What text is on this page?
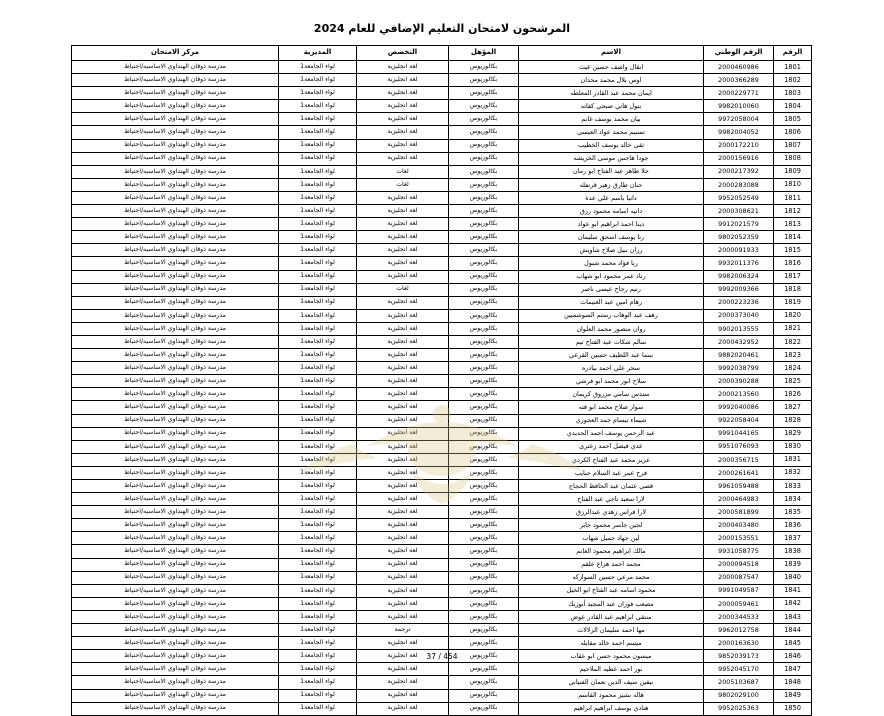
المرشحون لامتحان التعليم الإضافي للعام 2024
الرقم	الرقم الوطني	الاسم	المؤهل	التخصص	المديرية	مركز الامتحان
1801	2000460986	انقال واصف حسين غيث	بكالوريوس	لغة انجليزية	لواء الجامعة1	مدرسة ذوقان الهنداوي الاساسيه/احتياط
1802	2000366289	اوس بلال محمد محدان	بكالوريوس	لغة انجليزية	لواء الجامعة1	مدرسة ذوقان الهنداوي الاساسيه/احتياط
1803	2000229771	ايمان محمد عبد القادر المعلطه	بكالوريوس	لغة انجليزية	لواء الجامعة1	مدرسة ذوقان الهنداوي الاساسيه/احتياط
1804	9982010060	بتول هاني صبحي كفاته	بكالوريوس	لغة انجليزية	لواء الجامعة1	مدرسة ذوقان الهنداوي الاساسيه/احتياط
1805	9972058004	بيان محمد يوسف غانم	بكالوريوس	لغة انجليزية	لواء الجامعة1	مدرسة ذوقان الهنداوي الاساسيه/احتياط
1806	9982004052	تسنيم محمد عواد العيسى	بكالوريوس	لغة انجليزية	لواء الجامعة1	مدرسة ذوقان الهنداوي الاساسيه/احتياط
1807	2000172210	ثقى خالد يوسف الخطيب	بكالوريوس	لغة انجليزية	لواء الجامعة1	مدرسة ذوقان الهنداوي الاساسيه/احتياط
1808	2000156916	جودا هاجس موسى الخريشه	بكالوريوس	لغة انجليزية	لواء الجامعة1	مدرسة ذوقان الهنداوي الاساسيه/احتياط
1809	2000217392	حلا طاهر عبد الفتاح ابو رمان	بكالوريوس	لغات	لواء الجامعة1	مدرسة ذوقان الهنداوي الاساسيه/احتياط
1810	2000283088	حنان طارق زهير قرنفله	بكالوريوس	لغات	لواء الجامعة1	مدرسة ذوقان الهنداوي الاساسيه/احتياط
1811	9952052549	دانيا باسم علي عدة	بكالوريوس	لغة انجليزية	لواء الجامعة1	مدرسة ذوقان الهنداوي الاساسيه/احتياط
1812	2000308621	دانيه اسامه محمود رزق	بكالوريوس	لغة انجليزية	لواء الجامعة1	مدرسة ذوقان الهنداوي الاساسيه/احتياط
1813	9912021579	دينا احمد ابراهيم ابو عواد	بكالوريوس	لغة انجليزية	لواء الجامعة1	مدرسة ذوقان الهنداوي الاساسيه/احتياط
1814	9802052359	رنا يوسف اسحق سليمان	بكالوريوس	لغة انجليزية	لواء الجامعة1	مدرسة ذوقان الهنداوي الاساسيه/احتياط
1815	2000091933	رزان نبيل صلاح شاويش	بكالوريوس	لغة انجليزية	لواء الجامعة1	مدرسة ذوقان الهنداوي الاساسيه/احتياط
1816	9932011376	رنا فؤاد محمد شبول	بكالوريوس	لغة انجليزية	لواء الجامعة1	مدرسة ذوقان الهنداوي الاساسيه/احتياط
1817	9982006324	رناد عمر محمود ابو شهاب	بكالوريوس	لغة انجليزية	لواء الجامعة1	مدرسة ذوقان الهنداوي الاساسيه/احتياط
1818	9992009366	رنيم رجاح عيسى ناصر	بكالوريوس	لغات	لواء الجامعة1	مدرسة ذوقان الهنداوي الاساسيه/احتياط
1819	2000223236	رهام امين عبد الغنيمات	بكالوريوس	لغة انجليزية	لواء الجامعة1	مدرسة ذوقان الهنداوي الاساسيه/احتياط
1820	2000373040	رهف عبد الوهاب رستم السوشميين	بكالوريوس	لغة انجليزية	لواء الجامعة1	مدرسة ذوقان الهنداوي الاساسيه/احتياط
1821	9902013555	روان منصور محمد العلوان	بكالوريوس	لغة انجليزية	لواء الجامعة1	مدرسة ذوقان الهنداوي الاساسيه/احتياط
1822	2000432952	سالم شكات عبد الفتاح تيم	بكالوريوس	لغة انجليزية	لواء الجامعة1	مدرسة ذوقان الهنداوي الاساسيه/احتياط
1823	9882020461	سما عبد اللطيف حسين القرعي	بكالوريوس	لغة انجليزية	لواء الجامعة1	مدرسة ذوقان الهنداوي الاساسيه/احتياط
1824	9992038799	سحر علي احمد بيادره	بكالوريوس	لغة انجليزية	لواء الجامعة1	مدرسة ذوقان الهنداوي الاساسيه/احتياط
1825	2000390288	سلاح انور محمد ابو فرشي	بكالوريوس	لغة انجليزية	لواء الجامعة1	مدرسة ذوقان الهنداوي الاساسيه/احتياط
1826	2000213560	سندس سامي مزروق كريمان	بكالوريوس	لغة انجليزية	لواء الجامعة1	مدرسة ذوقان الهنداوي الاساسيه/احتياط
1827	9992040086	سوار صلاح محمد ابو قته	بكالوريوس	لغة انجليزية	لواء الجامعة1	مدرسة ذوقان الهنداوي الاساسيه/احتياط
1828	9922058404	شيماء نيسام حمد العجوري	بكالوريوس	لغة انجليزية	لواء الجامعة1	مدرسة ذوقان الهنداوي الاساسيه/احتياط
1829	9991044165	عبد الرحمن يوسف احمد الحديدي	بكالوريوس	لغة انجليزية	لواء الجامعة1	مدرسة ذوقان الهنداوي الاساسيه/احتياط
1830	9951076093	عدي فيصل احمد زعترى	بكالوريوس	لغة انجليزية	لواء الجامعة1	مدرسة ذوقان الهنداوي الاساسيه/احتياط
1831	2000356715	عزيز محمد عبد الفتاح الكردي	بكالوريوس	لغة انجليزية	لواء الجامعة1	مدرسة ذوقان الهنداوي الاساسيه/احتياط
1832	2000261641	فرح عمر عبد السلام حبايب	بكالوريوس	لغة انجليزية	لواء الجامعة1	مدرسة ذوقان الهنداوي الاساسيه/احتياط
1833	9961059488	قصي عثمان عبد الحافظ الحجاج	بكالوريوس	لغة انجليزية	لواء الجامعة1	مدرسة ذوقان الهنداوي الاساسيه/احتياط
1834	2000464983	لارا سعيد ناجي عبد الفتاح	بكالوريوس	لغة انجليزية	لواء الجامعة1	مدرسة ذوقان الهنداوي الاساسيه/احتياط
1835	2000581899	لارا فراس زهدي عبدالرزق	بكالوريوس	لغة انجليزية	لواء الجامعة1	مدرسة ذوقان الهنداوي الاساسيه/احتياط
1836	2000403480	لجين جاسر محمود جابر	بكالوريوس	لغة انجليزية	لواء الجامعة1	مدرسة ذوقان الهنداوي الاساسيه/احتياط
1837	2000153551	لين جهاد جميل شهاب	بكالوريوس	لغة انجليزية	لواء الجامعة1	مدرسة ذوقان الهنداوي الاساسيه/احتياط
1838	9931058775	مالك ابراهيم محمود الغانم	بكالوريوس	لغة انجليزية	لواء الجامعة1	مدرسة ذوقان الهنداوي الاساسيه/احتياط
1839	2000094518	محمد احمد هزاع علقم	بكالوريوس	لغة انجليزية	لواء الجامعة1	مدرسة ذوقان الهنداوي الاساسيه/احتياط
1840	2000087547	محمد مرعي حسين السوازكه	بكالوريوس	لغة انجليزية	لواء الجامعة1	مدرسة ذوقان الهنداوي الاساسيه/احتياط
1841	9991049587	محمود اسامه عبد الفتاح ابو الخيل	بكالوريوس	لغة انجليزية	لواء الجامعة1	مدرسة ذوقان الهنداوي الاساسيه/احتياط
1842	2000059461	مصعب فوزان عبد المجيد أبوزيك	بكالوريوس	لغة انجليزية	لواء الجامعة1	مدرسة ذوقان الهنداوي الاساسيه/احتياط
1843	2000344533	منتقي ابراهيم عبد القادر عوض	بكالوريوس	لغة انجليزية	لواء الجامعة1	مدرسة ذوقان الهنداوي الاساسيه/احتياط
1844	9962012758	مها احمد سليمان الزلالات	بكالوريوس	ترجمة	لواء الجامعة1	مدرسة ذوقان الهنداوي الاساسيه/احتياط
1845	2000163630	ميسم احمد خالد مقابله	بكالوريوس	لغة انجليزية	لواء الجامعة1	مدرسة ذوقان الهنداوي الاساسيه/احتياط
1846	9852039173	ميسون محمود حسن ابو عقاب	بكالوريوس	لغة انجليزية	لواء الجامعة1	مدرسة ذوقان الهنداوي الاساسيه/احتياط
1847	9952045170	نور احمد عطيه الملاحيم	بكالوريوس	لغة انجليزية	لواء الجامعة1	مدرسة ذوقان الهنداوي الاساسيه/احتياط
1848	2005103687	نيفين سيف الدين نعمان الفتياني	بكالوريوس	لغة انجليزية	لواء الجامعة1	مدرسة ذوقان الهنداوي الاساسيه/احتياط
1849	9802029100	هاله بشير محمود القاسم	بكالوريوس	لغة انجليزية	لواء الجامعة1	مدرسة ذوقان الهنداوي الاساسيه/احتياط
1850	9952025363	هنادي يوسف ابراهيم ابراهيم	بكالوريوس	لغة انجليزية	لواء الجامعة1	مدرسة ذوقان الهنداوي الاساسيه/احتياط
37 / 454
